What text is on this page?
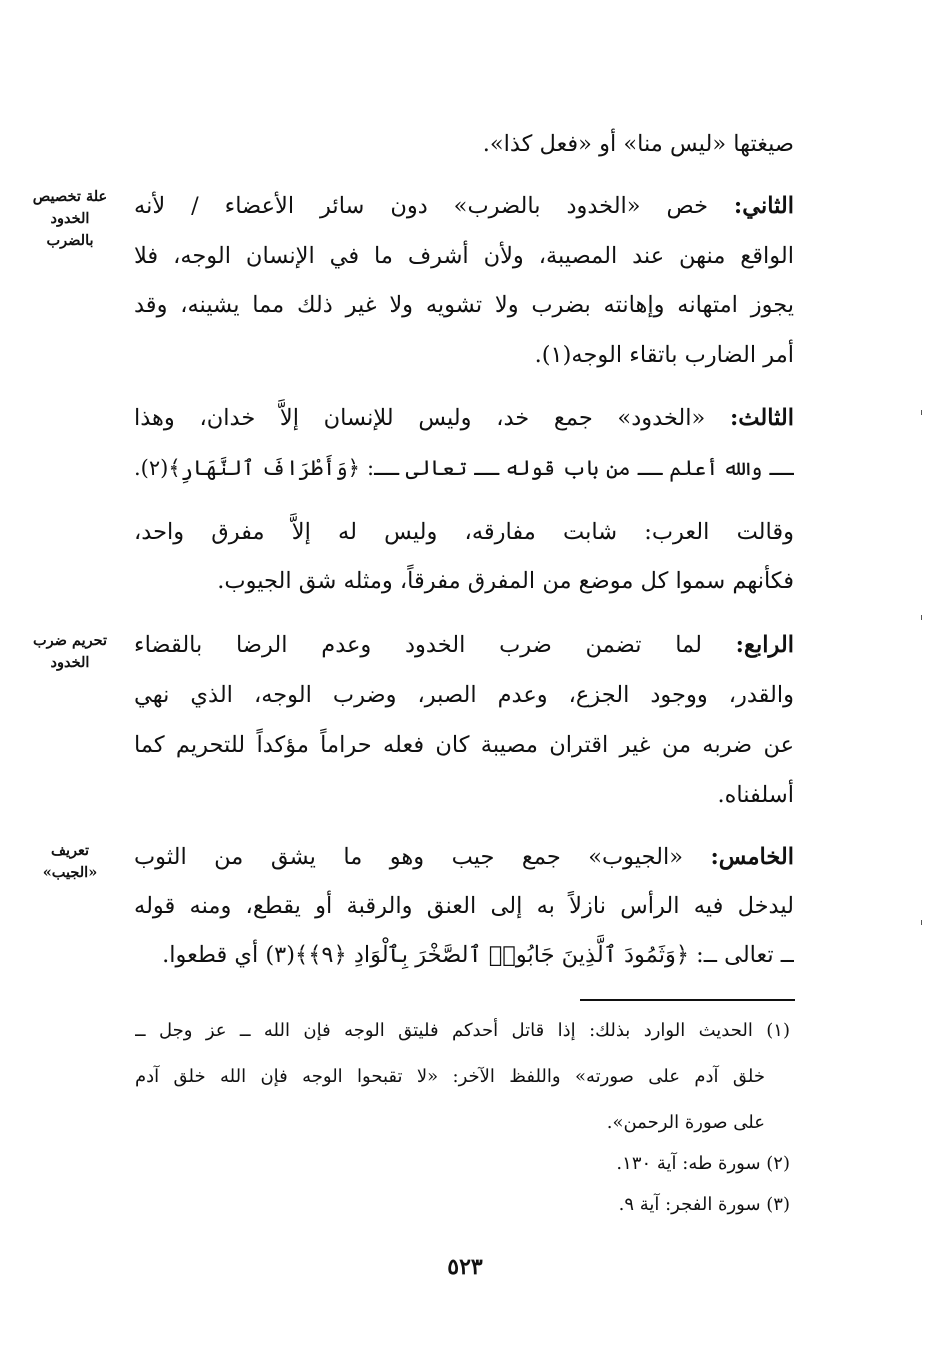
صيغتها «ليس منا» أو «فعل كذا».
الثاني: خص «الخدود بالضرب» دون سائر الأعضاء / لأنه
الواقع منهن عند المصيبة، ولأن أشرف ما في الإنسان الوجه، فلا
يجوز امتهانه وإهانته بضرب ولا تشويه ولا غير ذلك مما يشينه، وقد
أمر الضارب باتقاء الوجه(١).
الثالث: «الخدود» جمع خد، وليس للإنسان إلاَّ خدان، وهذا
ــ والله أعلم ــ من باب قوله ــ تعالى ــ: ﴿وَأَطْرَافَ ٱلنَّهَارِ﴾(٢).
وقالت العرب: شابت مفارقه، وليس له إلاَّ مفرق واحد،
فكأنهم سموا كل موضع من المفرق مفرقاً، ومثله شق الجيوب.
الرابع: لما تضمن ضرب الخدود وعدم الرضا بالقضاء
والقدر، ووجود الجزع، وعدم الصبر، وضرب الوجه، الذي نهي
عن ضربه من غير اقتران مصيبة كان فعله حراماً مؤكداً للتحريم كما
أسلفناه.
الخامس: «الجيوب» جمع جيب وهو ما يشق من الثوب
ليدخل فيه الرأس نازلاً به إلى العنق والرقبة أو يقطع، ومنه قوله
ــ تعالى ــ: ﴿وَثَمُودَ ٱلَّذِينَ جَابُوا۟ ٱلصَّخْرَ بِٱلْوَادِ ﴿٩﴾﴾(٣) أي قطعوا.
علة تخصيص
الخدود
بالضرب
تحريم ضرب
الخدود
تعريف
«الجيب»
(١) الحديث الوارد بذلك: إذا قاتل أحدكم فليتق الوجه فإن الله ــ عز وجل ــ
خلق آدم على صورته» واللفظ الآخر: «لا تقبحوا الوجه فإن الله خلق آدم
على صورة الرحمن».
(٢) سورة طه: آية ١٣٠.
(٣) سورة الفجر: آية ٩.
٥٢٣
